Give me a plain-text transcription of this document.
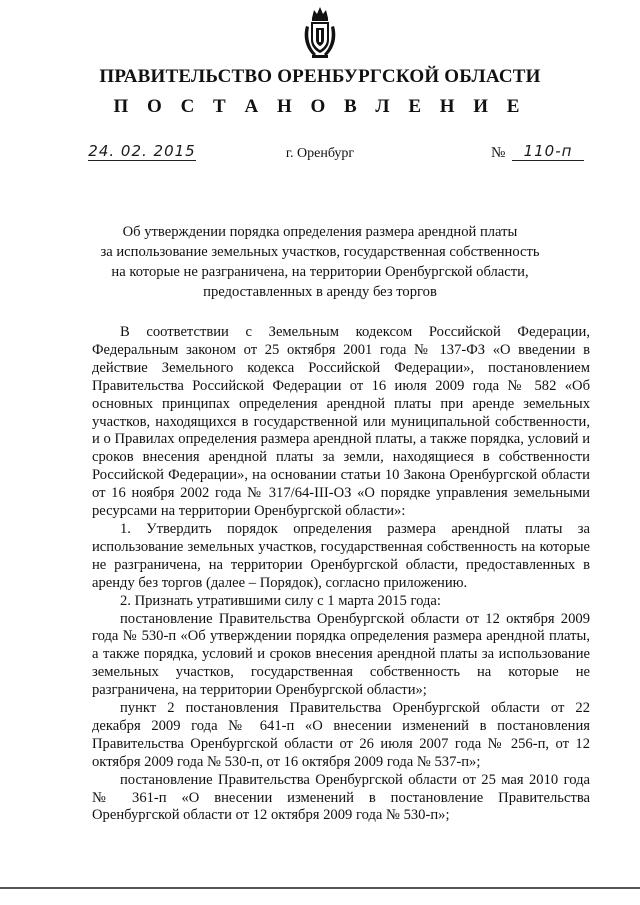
ПРАВИТЕЛЬСТВО ОРЕНБУРГСКОЙ ОБЛАСТИ
П О С Т А Н О В Л Е Н И Е
24. 02. 2015	г. Оренбург	№	110-п
Об утверждении порядка определения размера арендной платы
за использование земельных участков, государственная собственность
на которые не разграничена, на территории Оренбургской области,
предоставленных в аренду без торгов

В соответствии с Земельным кодексом Российской Федерации, Федеральным законом от 25 октября 2001 года № 137-ФЗ «О введении в действие Земельного кодекса Российской Федерации», постановлением Правительства Российской Федерации от 16 июля 2009 года № 582 «Об основных принципах определения арендной платы при аренде земельных участков, находящихся в государственной или муниципальной собственности, и о Правилах определения размера арендной платы, а также порядка, условий и сроков внесения арендной платы за земли, находящиеся в собственности Российской Федерации», на основании статьи 10 Закона Оренбургской области от 16 ноября 2002 года № 317/64-III-ОЗ «О порядке управления земельными ресурсами на территории Оренбургской области»:

1. Утвердить порядок определения размера арендной платы за использование земельных участков, государственная собственность на которые не разграничена, на территории Оренбургской области, предоставленных в аренду без торгов (далее – Порядок), согласно приложению.

2. Признать утратившими силу с 1 марта 2015 года:

постановление Правительства Оренбургской области от 12 октября 2009 года № 530-п «Об утверждении порядка определения размера арендной платы, а также порядка, условий и сроков внесения арендной платы за использование земельных участков, государственная собственность на которые не разграничена, на территории Оренбургской области»;

пункт 2 постановления Правительства Оренбургской области от 22 декабря 2009 года № 641-п «О внесении изменений в постановления Правительства Оренбургской области от 26 июля 2007 года № 256-п, от 12 октября 2009 года № 530-п, от 16 октября 2009 года № 537-п»;

постановление Правительства Оренбургской области от 25 мая 2010 года № 361-п «О внесении изменений в постановление Правительства Оренбургской области от 12 октября 2009 года № 530-п»;
